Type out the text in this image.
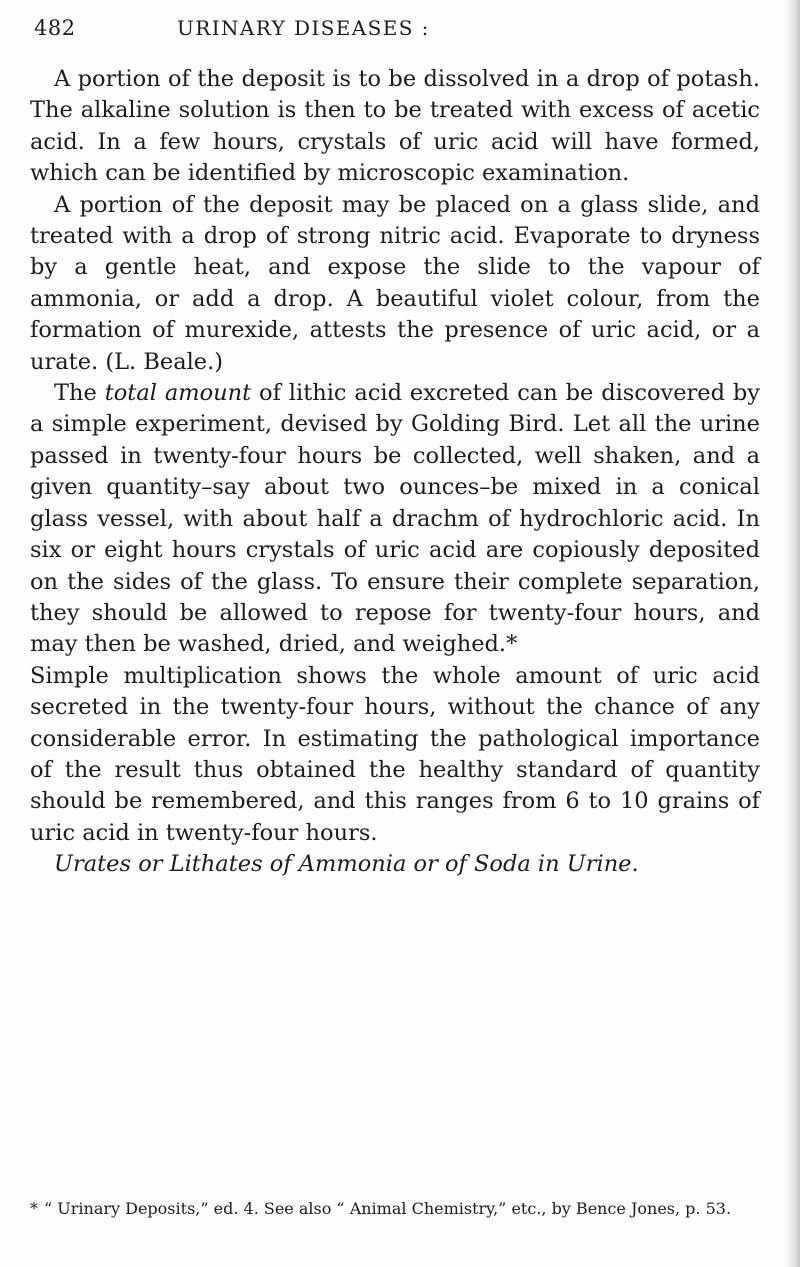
482	URINARY DISEASES :

A portion of the deposit is to be dissolved in a drop of potash. The alkaline solution is then to be treated with excess of acetic acid. In a few hours, crystals of uric acid will have formed, which can be identified by microscopic examination.

A portion of the deposit may be placed on a glass slide, and treated with a drop of strong nitric acid. Evaporate to dryness by a gentle heat, and expose the slide to the vapour of ammonia, or add a drop. A beautiful violet colour, from the formation of murexide, attests the presence of uric acid, or a urate. (L. Beale.)

The total amount of lithic acid excreted can be discovered by a simple experiment, devised by Golding Bird. Let all the urine passed in twenty-four hours be collected, well shaken, and a given quantity–say about two ounces–be mixed in a conical glass vessel, with about half a drachm of hydrochloric acid. In six or eight hours crystals of uric acid are copiously deposited on the sides of the glass. To ensure their complete separation, they should be allowed to repose for twenty-four hours, and may then be washed, dried, and weighed.*

Simple multiplication shows the whole amount of uric acid secreted in the twenty-four hours, without the chance of any considerable error. In estimating the pathological importance of the result thus obtained the healthy standard of quantity should be remembered, and this ranges from 6 to 10 grains of uric acid in twenty-four hours.

Urates or Lithates of Ammonia or of Soda in Urine.

* “ Urinary Deposits,” ed. 4. See also “ Animal Chemistry,” etc., by Bence Jones, p. 53.
